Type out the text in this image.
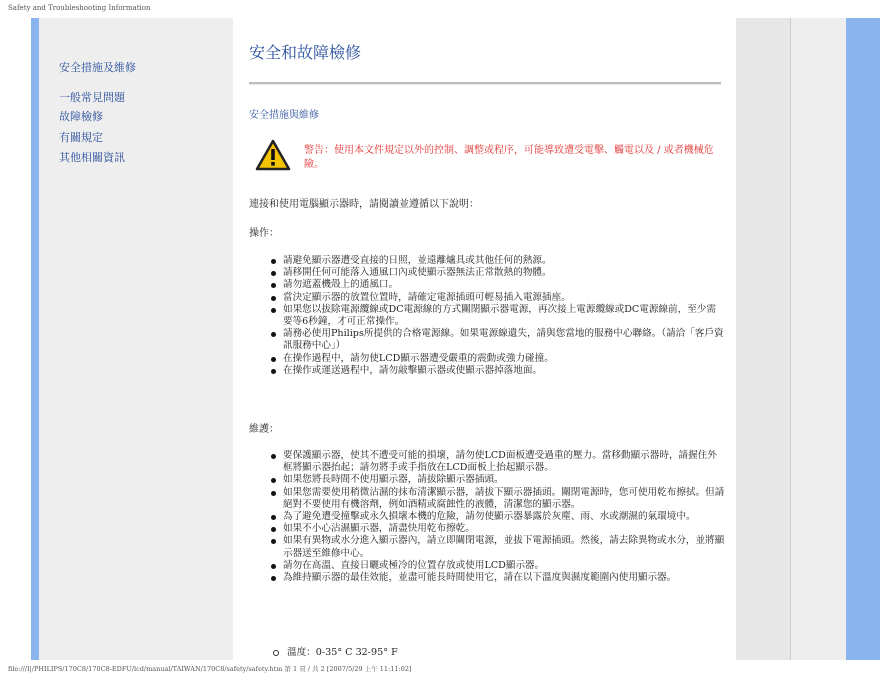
Safety and Troubleshooting Information
安全措施及維修
一般常見問題
故障檢修
有關規定
其他相關資訊
安全和故障檢修
安全措施與維修
警告：使用本文件規定以外的控制、調整或程序，可能導致遭受電擊、觸電以及 / 或者機械危險。
連接和使用電腦顯示器時，請閱讀並遵循以下說明：
操作：
請避免顯示器遭受直接的日照，並遠離爐具或其他任何的熱源。
請移開任何可能落入通風口內或使顯示器無法正常散熱的物體。
請勿遮蓋機殼上的通風口。
當決定顯示器的放置位置時，請確定電源插頭可輕易插入電源插座。
如果您以拔除電源纜線或DC電源線的方式關閉顯示器電源，再次接上電源纜線或DC電源線前，至少需要等6秒鐘，才可正常操作。
請務必使用Philips所提供的合格電源線。如果電源線遺失，請與您當地的服務中心聯絡。（請洽「客戶資訊服務中心」）
在操作過程中，請勿使LCD顯示器遭受嚴重的震動或強力碰撞。
在操作或運送過程中，請勿敲擊顯示器或使顯示器掉落地面。
維護：
要保護顯示器，使其不遭受可能的損壞，請勿使LCD面板遭受過重的壓力。當移動顯示器時，請握住外框將顯示器抬起；請勿將手或手指放在LCD面板上抬起顯示器。
如果您將長時間不使用顯示器，請拔除顯示器插頭。
如果您需要使用稍微沾濕的抹布清潔顯示器，請拔下顯示器插頭。關閉電源時，您可使用乾布擦拭。但請絕對不要使用有機溶劑，例如酒精或腐蝕性的液體，清潔您的顯示器。
為了避免遭受撞擊或永久損壞本機的危險，請勿使顯示器暴露於灰塵、雨、水或潮濕的氣環境中。
如果不小心沾濕顯示器，請盡快用乾布擦乾。
如果有異物或水分進入顯示器內，請立即關閉電源，並拔下電源插頭。然後，請去除異物或水分，並將顯示器送至維修中心。
請勿在高溫、直接日曬或極冷的位置存放或使用LCD顯示器。
為維持顯示器的最佳效能，並盡可能長時間使用它，請在以下溫度與濕度範圍內使用顯示器。
溫度：0-35° C 32-95° F
file:///I|/PHILIPS/170C8/170C8-EDFU/lcd/manual/TAIWAN/170C8/safety/safety.htm 第 1 頁 / 共 2 [2007/5/29 上午 11:11:02]
